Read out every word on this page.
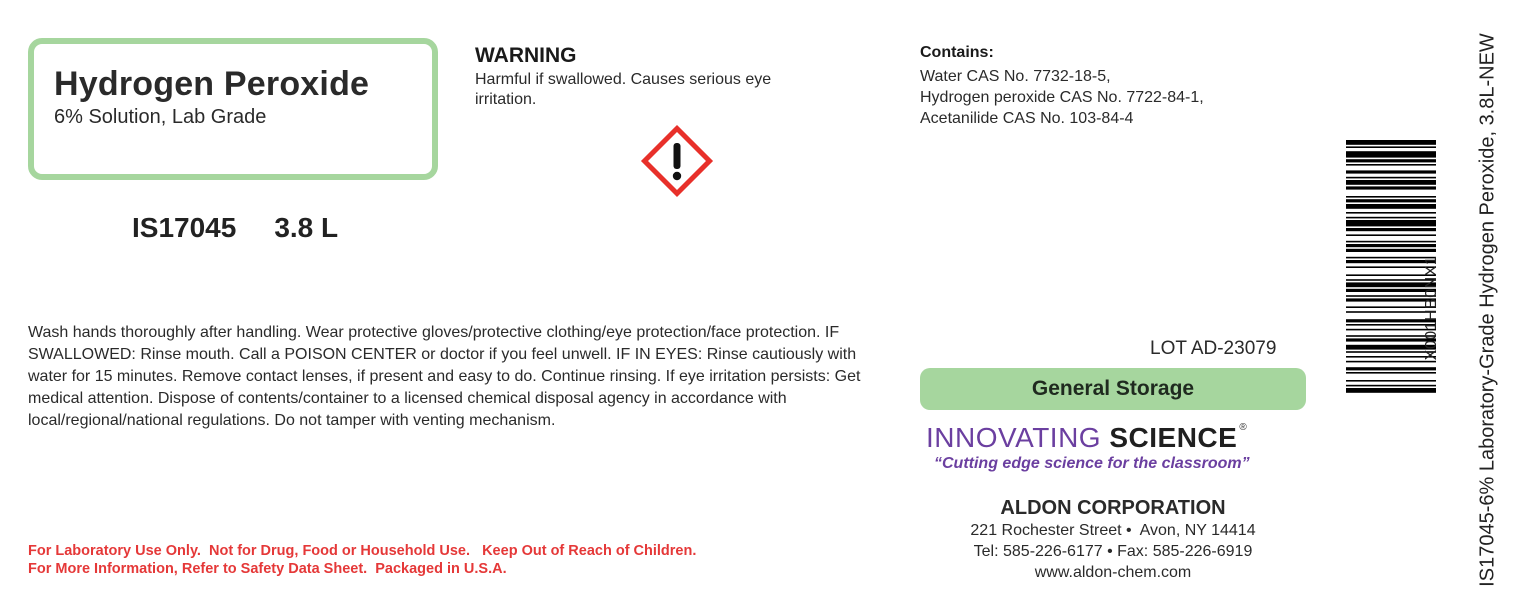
Hydrogen Peroxide
6% Solution, Lab Grade
IS17045 3.8 L
WARNING
Harmful if swallowed. Causes serious eye irritation.
Contains:
Water CAS No. 7732-18-5,
Hydrogen peroxide CAS No. 7722-84-1,
Acetanilide CAS No. 103-84-4
Wash hands thoroughly after handling. Wear protective gloves/protective clothing/eye protection/face protection. IF SWALLOWED: Rinse mouth. Call a POISON CENTER or doctor if you feel unwell. IF IN EYES: Rinse cautiously with water for 15 minutes. Remove contact lenses, if present and easy to do. Continue rinsing. If eye irritation persists: Get medical attention. Dispose of contents/container to a licensed chemical disposal agency in accordance with local/regional/national regulations. Do not tamper with venting mechanism.
For Laboratory Use Only.  Not for Drug, Food or Household Use.   Keep Out of Reach of Children.
For More Information, Refer to Safety Data Sheet.  Packaged in U.S.A.
LOT AD-23079
General Storage
INNOVATING SCIENCE ®
“Cutting edge science for the classroom”
ALDON CORPORATION
221 Rochester Street •  Avon, NY 14414
Tel: 585-226-6177 • Fax: 585-226-6919
www.aldon-chem.com
X001HB0NX1 IS17045-6% Laboratory-Grade Hydrogen Peroxide, 3.8L-NEW
